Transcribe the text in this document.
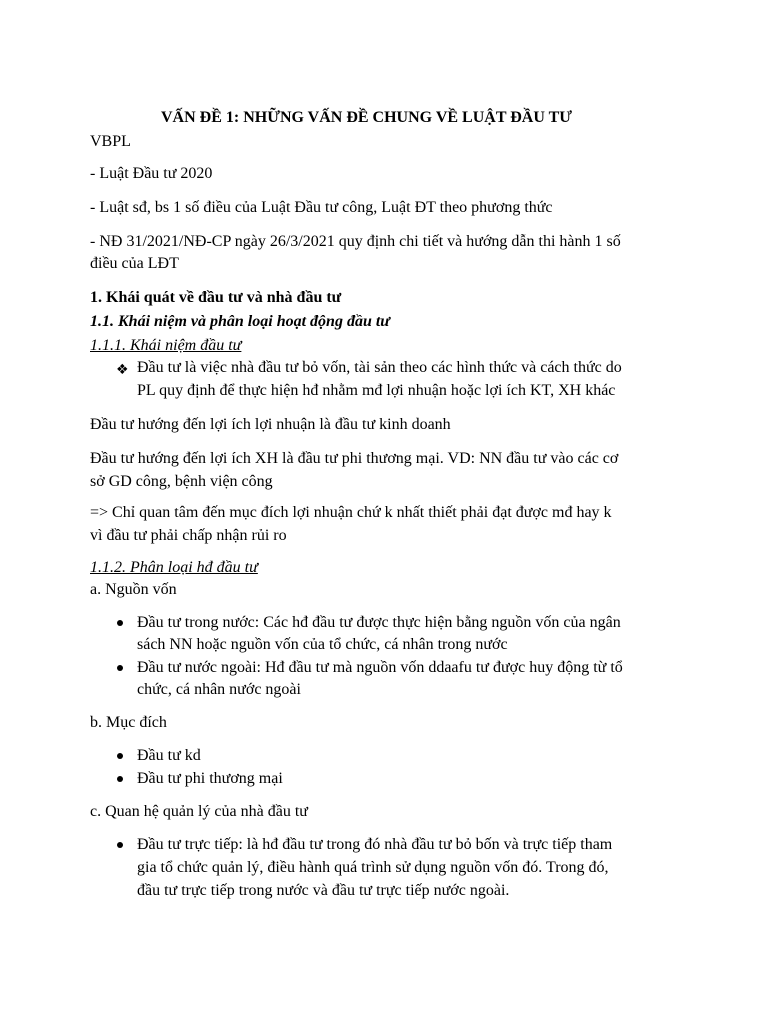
VẤN ĐỀ 1: NHỮNG VẤN ĐỀ CHUNG VỀ LUẬT ĐẦU TƯ
VBPL
- Luật Đầu tư 2020
- Luật sđ, bs 1 số điều của Luật Đầu tư công, Luật ĐT theo phương thức
- NĐ 31/2021/NĐ-CP ngày 26/3/2021 quy định chi tiết và hướng dẫn thi hành 1 số
điều của LĐT
1. Khái quát về đầu tư và nhà đầu tư
1.1. Khái niệm và phân loại hoạt động đầu tư
1.1.1. Khái niệm đầu tư
❖ Đầu tư là việc nhà đầu tư bỏ vốn, tài sản theo các hình thức và cách thức do
PL quy định để thực hiện hđ nhằm mđ lợi nhuận hoặc lợi ích KT, XH khác
Đầu tư hướng đến lợi ích lợi nhuận là đầu tư kinh doanh
Đầu tư hướng đến lợi ích XH là đầu tư phi thương mại. VD: NN đầu tư vào các cơ
sở GD công, bệnh viện công
=> Chỉ quan tâm đến mục đích lợi nhuận chứ k nhất thiết phải đạt được mđ hay k
vì đầu tư phải chấp nhận rủi ro
1.1.2. Phân loại hđ đầu tư
a. Nguồn vốn
Đầu tư trong nước: Các hđ đầu tư được thực hiện bằng nguồn vốn của ngân
sách NN hoặc nguồn vốn của tổ chức, cá nhân trong nước
Đầu tư nước ngoài: Hđ đầu tư mà nguồn vốn ddaafu tư được huy động từ tổ
chức, cá nhân nước ngoài
b. Mục đích
Đầu tư kd
Đầu tư phi thương mại
c. Quan hệ quản lý của nhà đầu tư
Đầu tư trực tiếp: là hđ đầu tư trong đó nhà đầu tư bỏ bốn và trực tiếp tham
gia tổ chức quản lý, điều hành quá trình sử dụng nguồn vốn đó. Trong đó,
đầu tư trực tiếp trong nước và đầu tư trực tiếp nước ngoài.
